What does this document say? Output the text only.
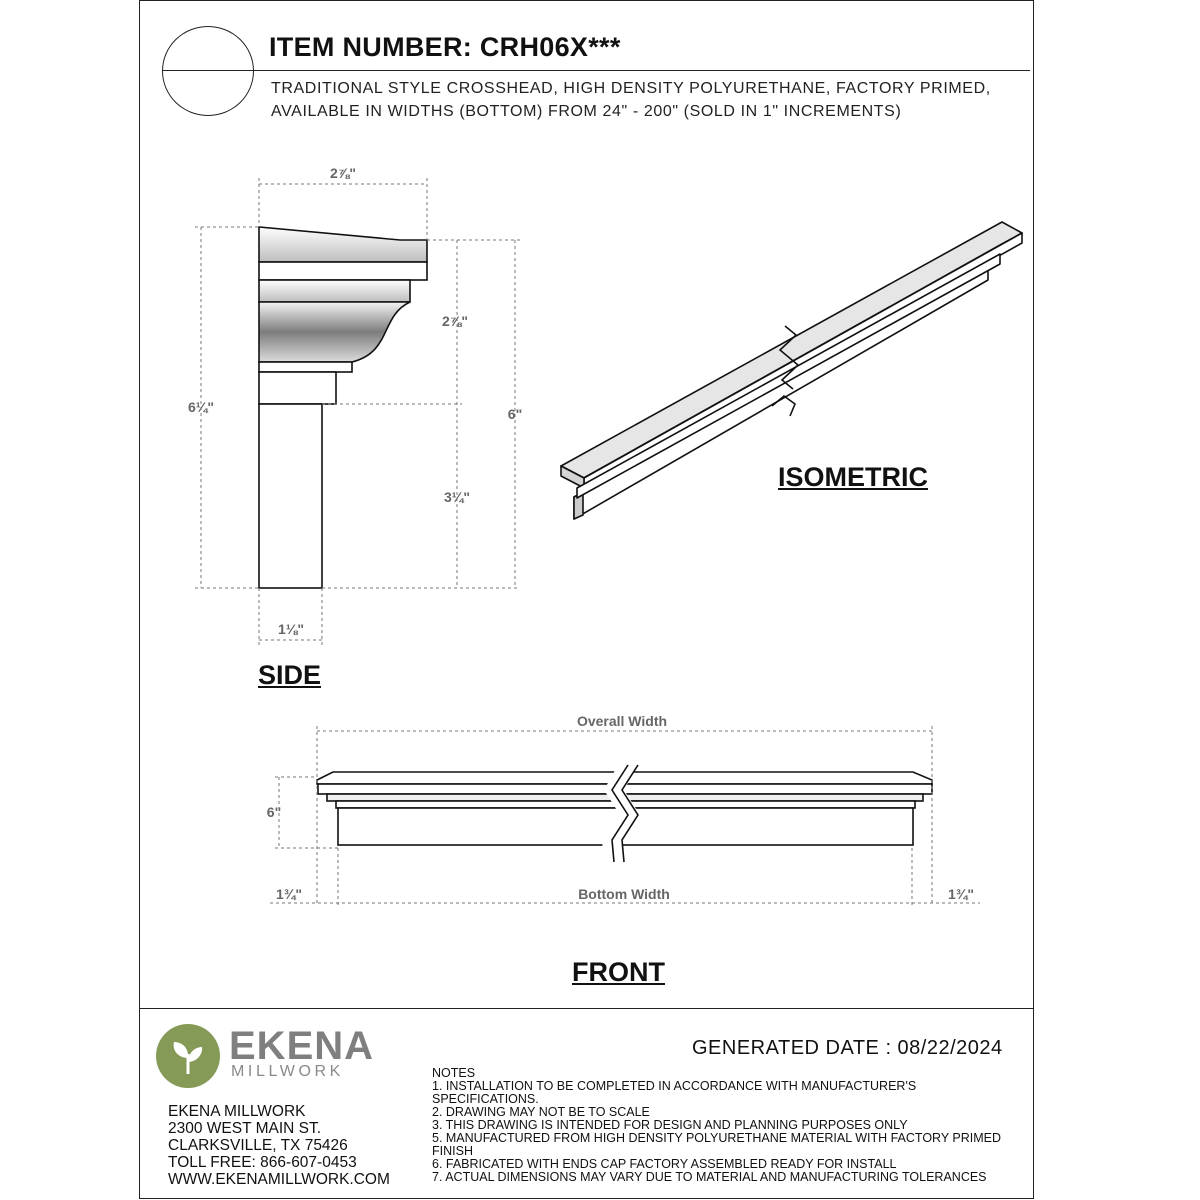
ITEM NUMBER: CRH06X***
TRADITIONAL STYLE CROSSHEAD, HIGH DENSITY POLYURETHANE, FACTORY PRIMED,
AVAILABLE IN WIDTHS (BOTTOM) FROM 24" - 200" (SOLD IN 1" INCREMENTS)
2⅞"
2⅞"
6¼"	6"
3¼"
1⅛"
Overall Width
6"
Bottom Width
1¾"	1¾"
SIDE
ISOMETRIC
FRONT
EKENA
MILLWORK
GENERATED DATE : 08/22/2024
NOTES
1. INSTALLATION TO BE COMPLETED IN ACCORDANCE WITH MANUFACTURER'S
SPECIFICATIONS.
2. DRAWING MAY NOT BE TO SCALE
3. THIS DRAWING IS INTENDED FOR DESIGN AND PLANNING PURPOSES ONLY
5. MANUFACTURED FROM HIGH DENSITY POLYURETHANE MATERIAL WITH FACTORY PRIMED
FINISH
6. FABRICATED WITH ENDS CAP FACTORY ASSEMBLED READY FOR INSTALL
7. ACTUAL DIMENSIONS MAY VARY DUE TO MATERIAL AND MANUFACTURING TOLERANCES
EKENA MILLWORK
2300 WEST MAIN ST.
CLARKSVILLE, TX 75426
TOLL FREE: 866-607-0453
WWW.EKENAMILLWORK.COM
